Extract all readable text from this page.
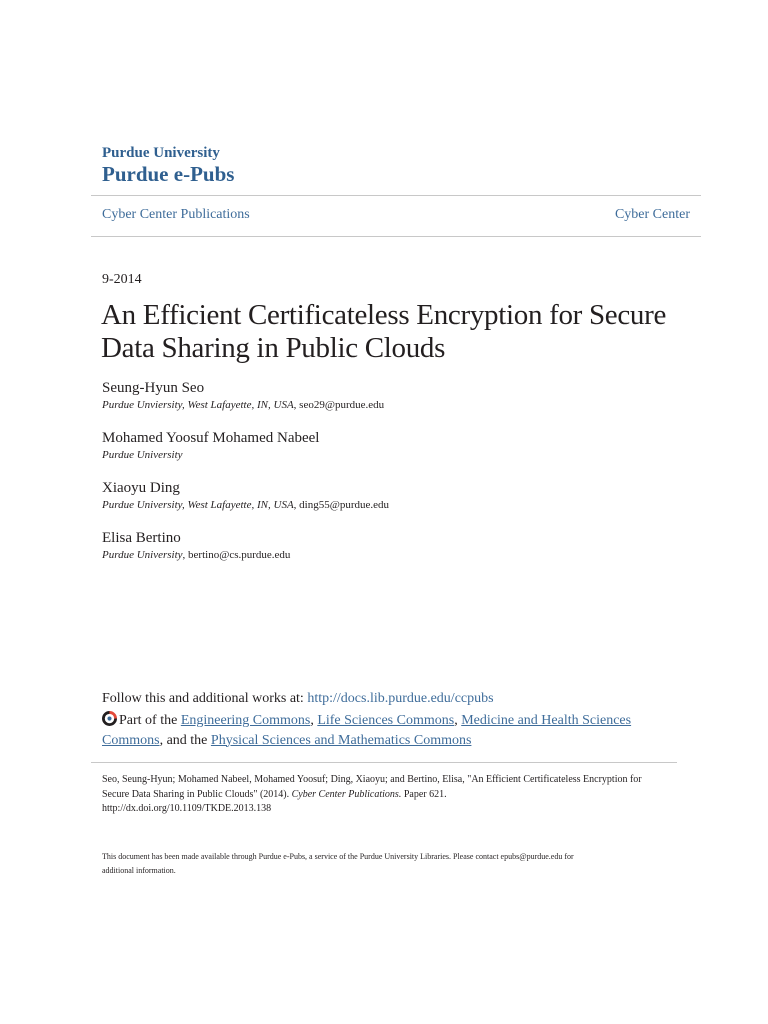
Purdue University
Purdue e-Pubs
Cyber Center Publications	Cyber Center
9-2014
An Efficient Certificateless Encryption for Secure Data Sharing in Public Clouds
Seung-Hyun Seo
Purdue Unviersity, West Lafayette, IN, USA, seo29@purdue.edu
Mohamed Yoosuf Mohamed Nabeel
Purdue University
Xiaoyu Ding
Purdue University, West Lafayette, IN, USA, ding55@purdue.edu
Elisa Bertino
Purdue University, bertino@cs.purdue.edu
Follow this and additional works at: http://docs.lib.purdue.edu/ccpubs
Part of the Engineering Commons, Life Sciences Commons, Medicine and Health Sciences
Commons, and the Physical Sciences and Mathematics Commons
Seo, Seung-Hyun; Mohamed Nabeel, Mohamed Yoosuf; Ding, Xiaoyu; and Bertino, Elisa, "An Efficient Certificateless Encryption for
Secure Data Sharing in Public Clouds" (2014). Cyber Center Publications. Paper 621.
http://dx.doi.org/10.1109/TKDE.2013.138
This document has been made available through Purdue e-Pubs, a service of the Purdue University Libraries. Please contact epubs@purdue.edu for
additional information.
